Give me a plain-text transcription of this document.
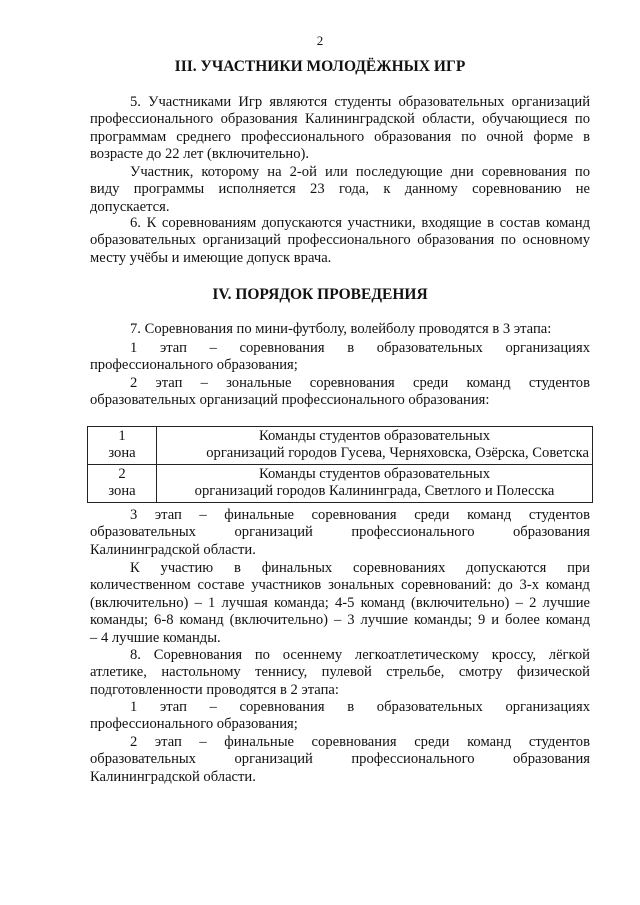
2
III. УЧАСТНИКИ МОЛОДЁЖНЫХ ИГР
5. Участниками Игр являются студенты образовательных организаций
профессионального образования Калининградской области, обучающиеся по
программам среднего профессионального образования по очной форме в
возрасте до 22 лет (включительно).
Участник, которому на 2-ой или последующие дни соревнования по
виду программы исполняется 23 года, к данному соревнованию не
допускается.
6. К соревнованиям допускаются участники, входящие в состав команд
образовательных организаций профессионального образования по основному
месту учёбы и имеющие допуск врача.
IV. ПОРЯДОК ПРОВЕДЕНИЯ
7. Соревнования по мини-футболу, волейболу проводятся в 3 этапа:
1 этап – соревнования в образовательных организациях
профессионального образования;
2 этап – зональные соревнования среди команд студентов
образовательных организаций профессионального образования:
1
зона	Команды студентов образовательных
организаций городов Гусева, Черняховска, Озёрска, Советска

2
зона	Команды студентов образовательных
организаций городов Калининграда, Светлого и Полесска
3 этап – финальные соревнования среди команд студентов
образовательных организаций профессионального образования
Калининградской области.
К участию в финальных соревнованиях допускаются при
количественном составе участников зональных соревнований: до 3-х команд
(включительно) – 1 лучшая команда; 4-5 команд (включительно) – 2 лучшие
команды; 6-8 команд (включительно) – 3 лучшие команды; 9 и более команд
– 4 лучшие команды.
8. Соревнования по осеннему легкоатлетическому кроссу, лёгкой
атлетике, настольному теннису, пулевой стрельбе, смотру физической
подготовленности проводятся в 2 этапа:
1 этап – соревнования в образовательных организациях
профессионального образования;
2 этап – финальные соревнования среди команд студентов
образовательных организаций профессионального образования
Калининградской области.
